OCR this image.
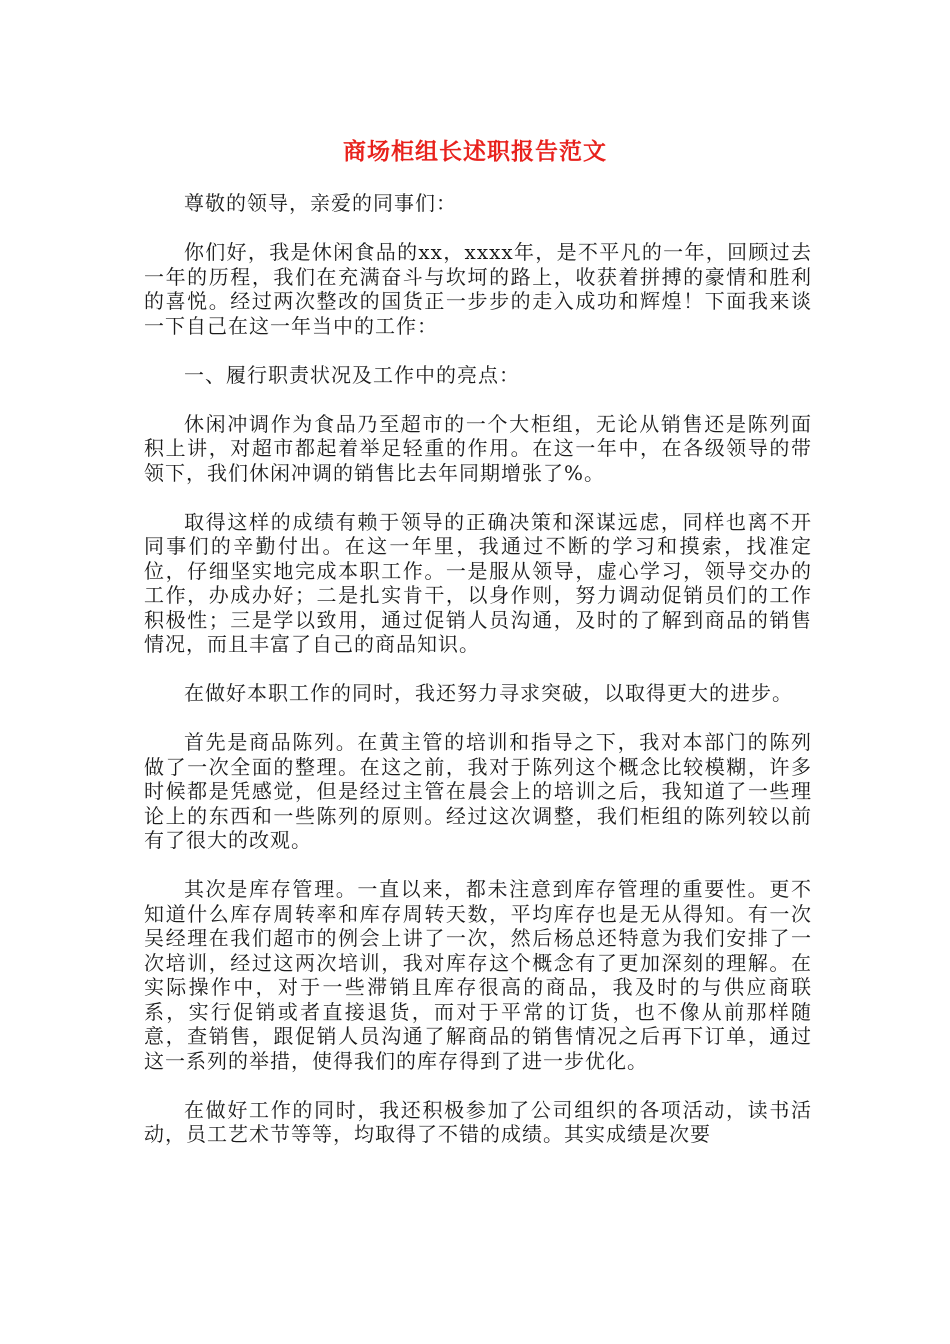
商场柜组长述职报告范文

尊敬的领导，亲爱的同事们：

你们好，我是休闲食品的xx，xxxx年，是不平凡的一年，回顾过去一年的历程，我们在充满奋斗与坎坷的路上，收获着拼搏的豪情和胜利的喜悦。经过两次整改的国货正一步步的走入成功和辉煌！下面我来谈一下自己在这一年当中的工作：

一、履行职责状况及工作中的亮点：

休闲冲调作为食品乃至超市的一个大柜组，无论从销售还是陈列面积上讲，对超市都起着举足轻重的作用。在这一年中，在各级领导的带领下，我们休闲冲调的销售比去年同期增张了%。

取得这样的成绩有赖于领导的正确决策和深谋远虑，同样也离不开同事们的辛勤付出。在这一年里，我通过不断的学习和摸索，找准定位，仔细坚实地完成本职工作。一是服从领导，虚心学习，领导交办的工作，办成办好；二是扎实肯干，以身作则，努力调动促销员们的工作积极性；三是学以致用，通过促销人员沟通，及时的了解到商品的销售情况，而且丰富了自己的商品知识。

在做好本职工作的同时，我还努力寻求突破，以取得更大的进步。

首先是商品陈列。在黄主管的培训和指导之下，我对本部门的陈列做了一次全面的整理。在这之前，我对于陈列这个概念比较模糊，许多时候都是凭感觉，但是经过主管在晨会上的培训之后，我知道了一些理论上的东西和一些陈列的原则。经过这次调整，我们柜组的陈列较以前有了很大的改观。

其次是库存管理。一直以来，都未注意到库存管理的重要性。更不知道什么库存周转率和库存周转天数，平均库存也是无从得知。有一次吴经理在我们超市的例会上讲了一次，然后杨总还特意为我们安排了一次培训，经过这两次培训，我对库存这个概念有了更加深刻的理解。在实际操作中，对于一些滞销且库存很高的商品，我及时的与供应商联系，实行促销或者直接退货，而对于平常的订货，也不像从前那样随意，查销售，跟促销人员沟通了解商品的销售情况之后再下订单，通过这一系列的举措，使得我们的库存得到了进一步优化。

在做好工作的同时，我还积极参加了公司组织的各项活动，读书活动，员工艺术节等等，均取得了不错的成绩。其实成绩是次要
